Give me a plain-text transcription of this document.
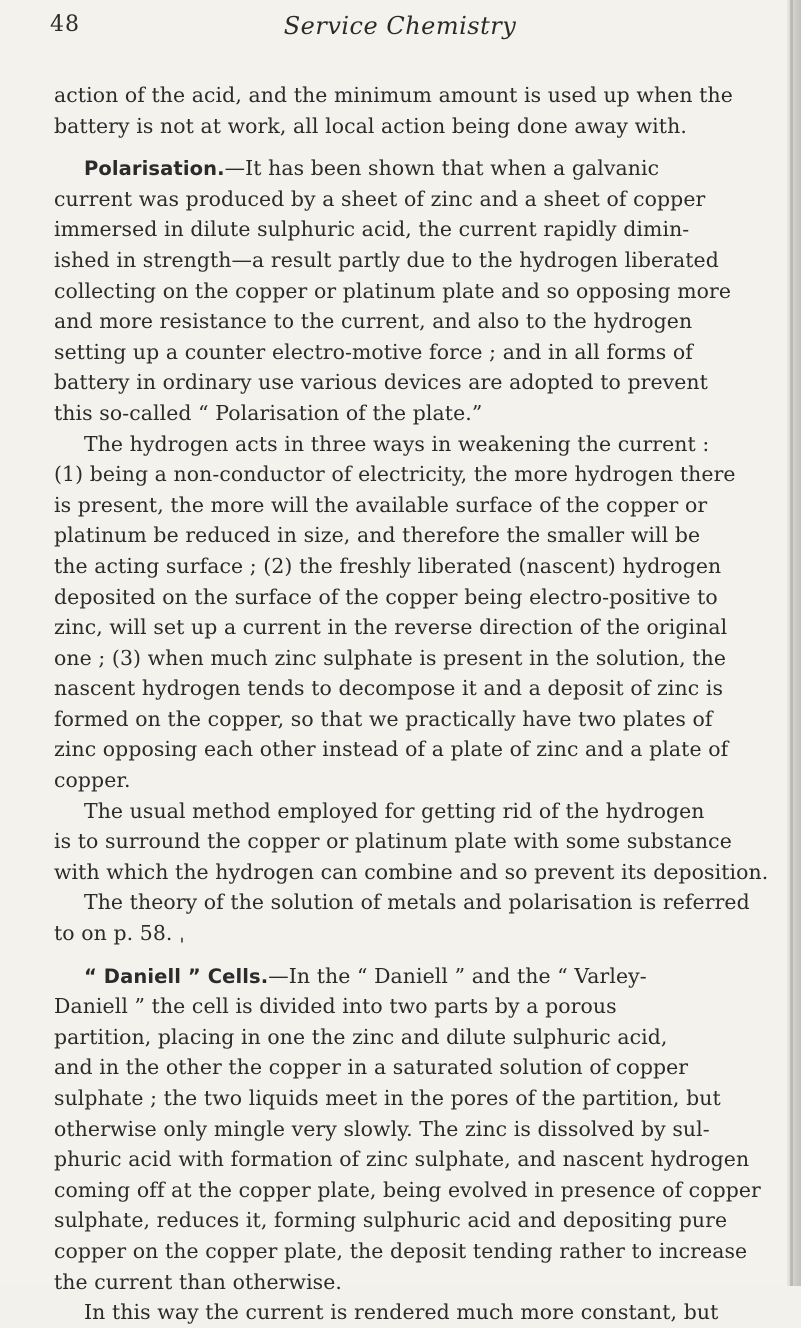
48	Service Chemistry
action of the acid, and the minimum amount is used up when the
battery is not at work, all local action being done away with.
Polarisation.—It has been shown that when a galvanic
current was produced by a sheet of zinc and a sheet of copper
immersed in dilute sulphuric acid, the current rapidly dimin-
ished in strength—a result partly due to the hydrogen liberated
collecting on the copper or platinum plate and so opposing more
and more resistance to the current, and also to the hydrogen
setting up a counter electro-motive force ; and in all forms of
battery in ordinary use various devices are adopted to prevent
this so-called “ Polarisation of the plate.”
The hydrogen acts in three ways in weakening the current :
(1) being a non-conductor of electricity, the more hydrogen there
is present, the more will the available surface of the copper or
platinum be reduced in size, and therefore the smaller will be
the acting surface ; (2) the freshly liberated (nascent) hydrogen
deposited on the surface of the copper being electro-positive to
zinc, will set up a current in the reverse direction of the original
one ; (3) when much zinc sulphate is present in the solution, the
nascent hydrogen tends to decompose it and a deposit of zinc is
formed on the copper, so that we practically have two plates of
zinc opposing each other instead of a plate of zinc and a plate of
copper.
The usual method employed for getting rid of the hydrogen
is to surround the copper or platinum plate with some substance
with which the hydrogen can combine and so prevent its deposition.
The theory of the solution of metals and polarisation is referred
to on p. 58. ˌ
“ Daniell ” Cells.—In the “ Daniell ” and the “ Varley-
Daniell ” the cell is divided into two parts by a porous
partition, placing in one the zinc and dilute sulphuric acid,
and in the other the copper in a saturated solution of copper
sulphate ; the two liquids meet in the pores of the partition, but
otherwise only mingle very slowly. The zinc is dissolved by sul-
phuric acid with formation of zinc sulphate, and nascent hydrogen
coming off at the copper plate, being evolved in presence of copper
sulphate, reduces it, forming sulphuric acid and depositing pure
copper on the copper plate, the deposit tending rather to increase
the current than otherwise.
In this way the current is rendered much more constant, but
